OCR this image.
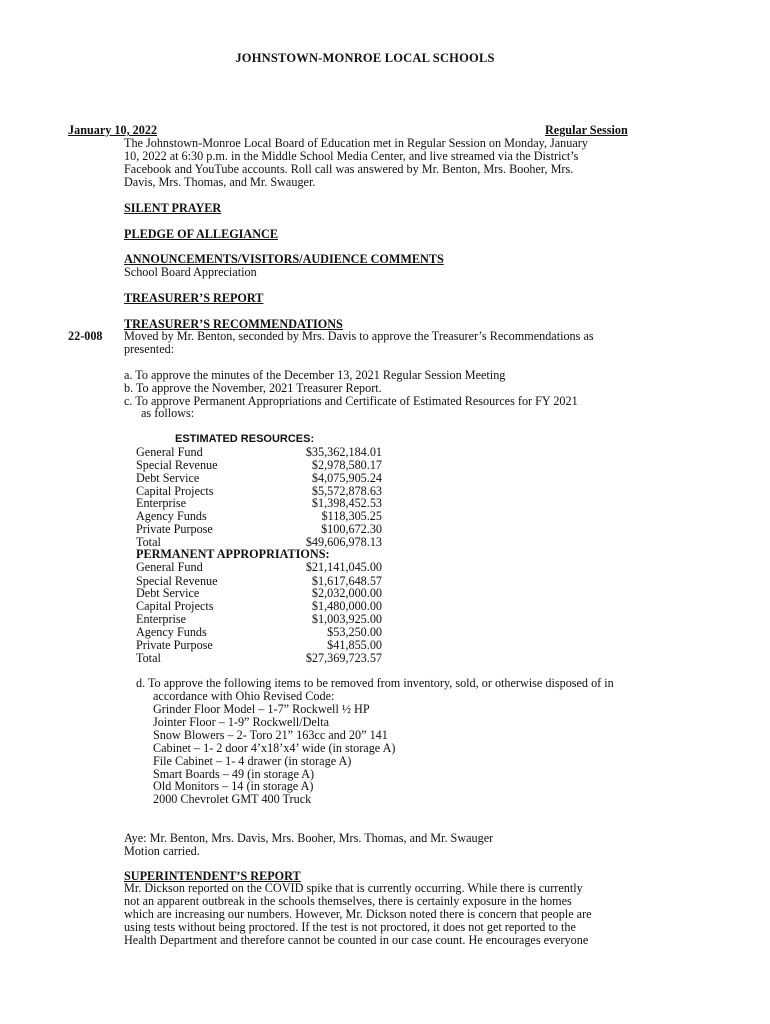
JOHNSTOWN-MONROE LOCAL SCHOOLS
January 10, 2022	Regular Session
The Johnstown-Monroe Local Board of Education met in Regular Session on Monday, January
10, 2022 at 6:30 p.m. in the Middle School Media Center, and live streamed via the District’s
Facebook and YouTube accounts. Roll call was answered by Mr. Benton, Mrs. Booher, Mrs.
Davis, Mrs. Thomas, and Mr. Swauger.
SILENT PRAYER
PLEDGE OF ALLEGIANCE
ANNOUNCEMENTS/VISITORS/AUDIENCE COMMENTS
School Board Appreciation
TREASURER’S REPORT
TREASURER’S RECOMMENDATIONS
22-008 Moved by Mr. Benton, seconded by Mrs. Davis to approve the Treasurer’s Recommendations as
presented:
a. To approve the minutes of the December 13, 2021 Regular Session Meeting
b. To approve the November, 2021 Treasurer Report.
c. To approve Permanent Appropriations and Certificate of Estimated Resources for FY 2021
as follows:
ESTIMATED RESOURCES:
General Fund	$35,362,184.01
Special Revenue	$2,978,580.17
Debt Service	$4,075,905.24
Capital Projects	$5,572,878.63
Enterprise	$1,398,452.53
Agency Funds	$118,305.25
Private Purpose	$100,672.30
Total	$49,606,978.13
PERMANENT APPROPRIATIONS:
General Fund	$21,141,045.00
Special Revenue	$1,617,648.57
Debt Service	$2,032,000.00
Capital Projects	$1,480,000.00
Enterprise	$1,003,925.00
Agency Funds	$53,250.00
Private Purpose	$41,855.00
Total	$27,369,723.57
d. To approve the following items to be removed from inventory, sold, or otherwise disposed of in
accordance with Ohio Revised Code:
Grinder Floor Model – 1-7” Rockwell ½ HP
Jointer Floor – 1-9” Rockwell/Delta
Snow Blowers – 2- Toro 21” 163cc and 20” 141
Cabinet – 1- 2 door 4’x18’x4’ wide (in storage A)
File Cabinet – 1- 4 drawer (in storage A)
Smart Boards – 49 (in storage A)
Old Monitors – 14 (in storage A)
2000 Chevrolet GMT 400 Truck
Aye: Mr. Benton, Mrs. Davis, Mrs. Booher, Mrs. Thomas, and Mr. Swauger
Motion carried.
SUPERINTENDENT’S REPORT
Mr. Dickson reported on the COVID spike that is currently occurring. While there is currently
not an apparent outbreak in the schools themselves, there is certainly exposure in the homes
which are increasing our numbers. However, Mr. Dickson noted there is concern that people are
using tests without being proctored. If the test is not proctored, it does not get reported to the
Health Department and therefore cannot be counted in our case count. He encourages everyone
